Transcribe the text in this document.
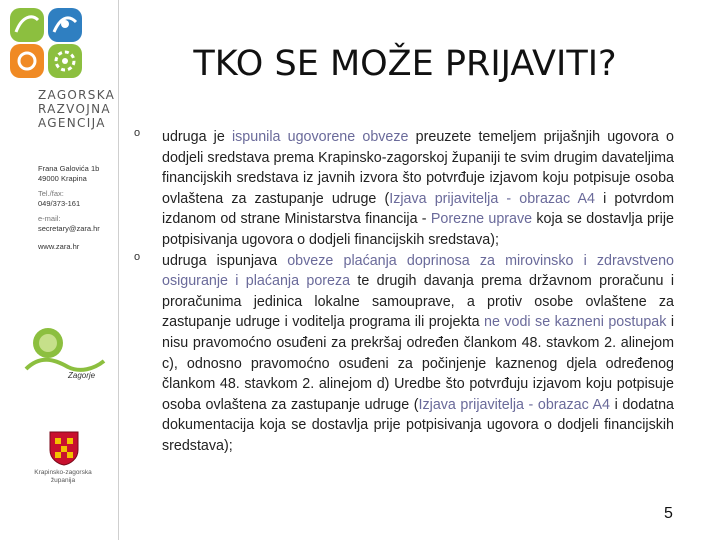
ZAGORSKA
RAZVOJNA
AGENCIJA
Frana Galovića 1b
49000 Krapina
Tel./fax:
049/373-161
e-mail:
secretary@zara.hr
www.zara.hr
Zagorje
Krapinsko-zagorska
županija
TKO SE MOŽE PRIJAVITI?
o udruga je ispunila ugovorene obveze preuzete temeljem prijašnjih ugovora o dodjeli sredstava prema Krapinsko-zagorskoj županiji te svim drugim davateljima financijskih sredstava iz javnih izvora što potvrđuje izjavom koju potpisuje osoba ovlaštena za zastupanje udruge (Izjava prijavitelja - obrazac A4 i potvrdom izdanom od strane Ministarstva financija - Porezne uprave koja se dostavlja prije potpisivanja ugovora o dodjeli financijskih sredstava);
o udruga ispunjava obveze plaćanja doprinosa za mirovinsko i zdravstveno osiguranje i plaćanja poreza te drugih davanja prema državnom proračunu i proračunima jedinica lokalne samouprave, a protiv osobe ovlaštene za zastupanje udruge i voditelja programa ili projekta ne vodi se kazneni postupak i nisu pravomoćno osuđeni za prekršaj određen člankom 48. stavkom 2. alinejom c), odnosno pravomoćno osuđeni za počinjenje kaznenog djela određenog člankom 48. stavkom 2. alinejom d) Uredbe što potvrđuju izjavom koju potpisuje osoba ovlaštena za zastupanje udruge (Izjava prijavitelja - obrazac A4 i dodatna dokumentacija koja se dostavlja prije potpisivanja ugovora o dodjeli financijskih sredstava);
5
